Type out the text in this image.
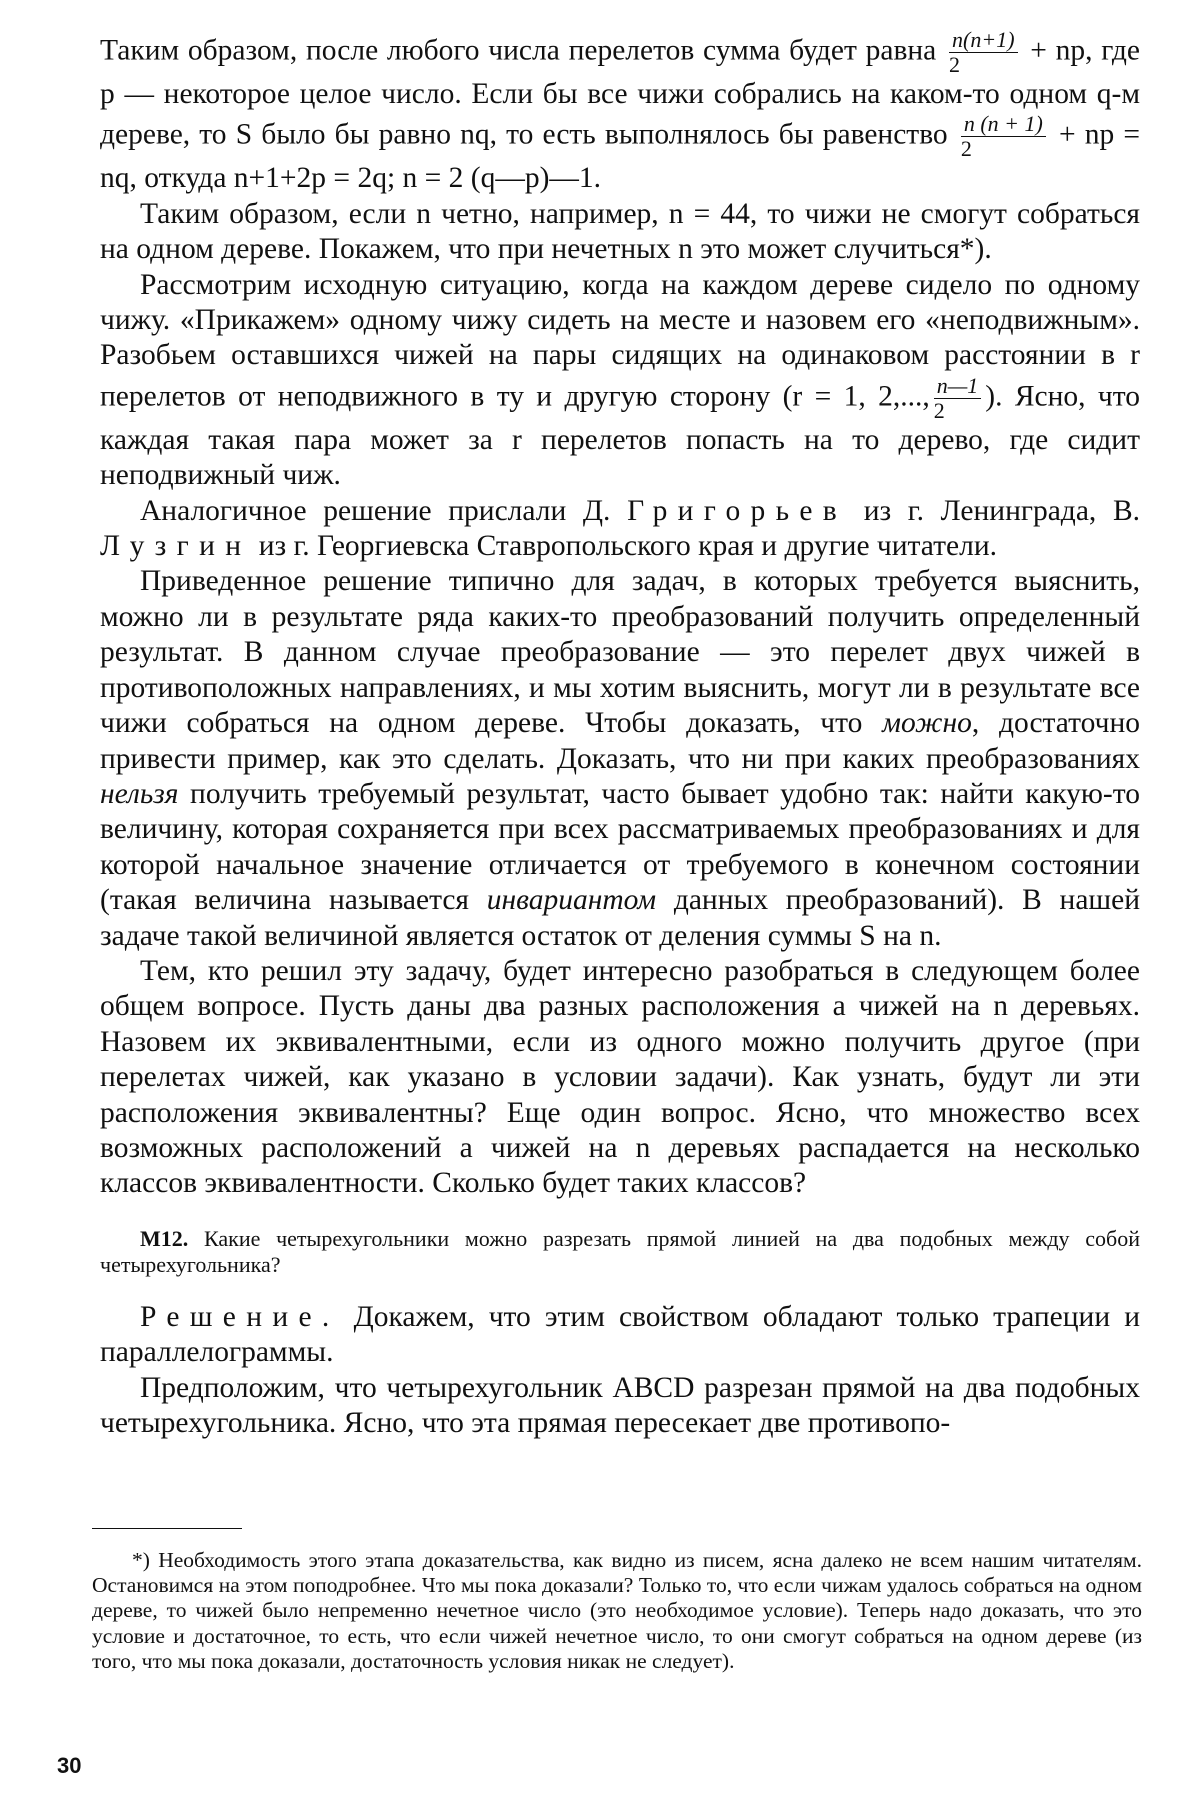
Таким образом, после любого числа перелетов сумма будет равна $\frac{n(n+1)}{2}$ + np, где p — некоторое целое число. Если бы все чижи собрались на каком-то одном q-м дереве, то S было бы равно nq, то есть выполнялось бы равенство $\frac{n (n + 1)}{2}$ + np = nq, откуда n+1+2p = 2q; n = 2 (q—p)—1.

Таким образом, если n четно, например, n = 44, то чижи не смогут собраться на одном дереве. Покажем, что при нечетных n это может случиться*).

Рассмотрим исходную ситуацию, когда на каждом дереве сидело по одному чижу. «Прикажем» одному чижу сидеть на месте и назовем его «неподвижным». Разобьем оставшихся чижей на пары сидящих на одинаковом расстоянии в r перелетов от неподвижного в ту и другую сторону (r = 1, 2,..., $\frac{n—1}{2}$ ). Ясно, что каждая такая пара может за r перелетов попасть на то дерево, где сидит неподвижный чиж.

Аналогичное решение прислали Д. Григорьев из г. Ленинграда, В. Лузгин из г. Георгиевска Ставропольского края и другие читатели.

Приведенное решение типично для задач, в которых требуется выяснить, можно ли в результате ряда каких-то преобразований получить определенный результат. В данном случае преобразование — это перелет двух чижей в противоположных направлениях, и мы хотим выяснить, могут ли в результате все чижи собраться на одном дереве. Чтобы доказать, что можно, достаточно привести пример, как это сделать. Доказать, что ни при каких преобразованиях нельзя получить требуемый результат, часто бывает удобно так: найти какую-то величину, которая сохраняется при всех рассматриваемых преобразованиях и для которой начальное значение отличается от требуемого в конечном состоянии (такая величина называется инвариантом данных преобразований). В нашей задаче такой величиной является остаток от деления суммы S на n.

Тем, кто решил эту задачу, будет интересно разобраться в следующем более общем вопросе. Пусть даны два разных расположения a чижей на n деревьях. Назовем их эквивалентными, если из одного можно получить другое (при перелетах чижей, как указано в условии задачи). Как узнать, будут ли эти расположения эквивалентны? Еще один вопрос. Ясно, что множество всех возможных расположений a чижей на n деревьях распадается на несколько классов эквивалентности. Сколько будет таких классов?

М12. Какие четырехугольники можно разрезать прямой линией на два подобных между собой четырехугольника?

Решение. Докажем, что этим свойством обладают только трапеции и параллелограммы.

Предположим, что четырехугольник ABCD разрезан прямой на два подобных четырехугольника. Ясно, что эта прямая пересекает две противопо-

*) Необходимость этого этапа доказательства, как видно из писем, ясна далеко не всем нашим читателям. Остановимся на этом поподробнее. Что мы пока доказали? Только то, что если чижам удалось собраться на одном дереве, то чижей было непременно нечетное число (это необходимое условие). Теперь надо доказать, что это условие и достаточное, то есть, что если чижей нечетное число, то они смогут собраться на одном дереве (из того, что мы пока доказали, достаточность условия никак не следует).

30
